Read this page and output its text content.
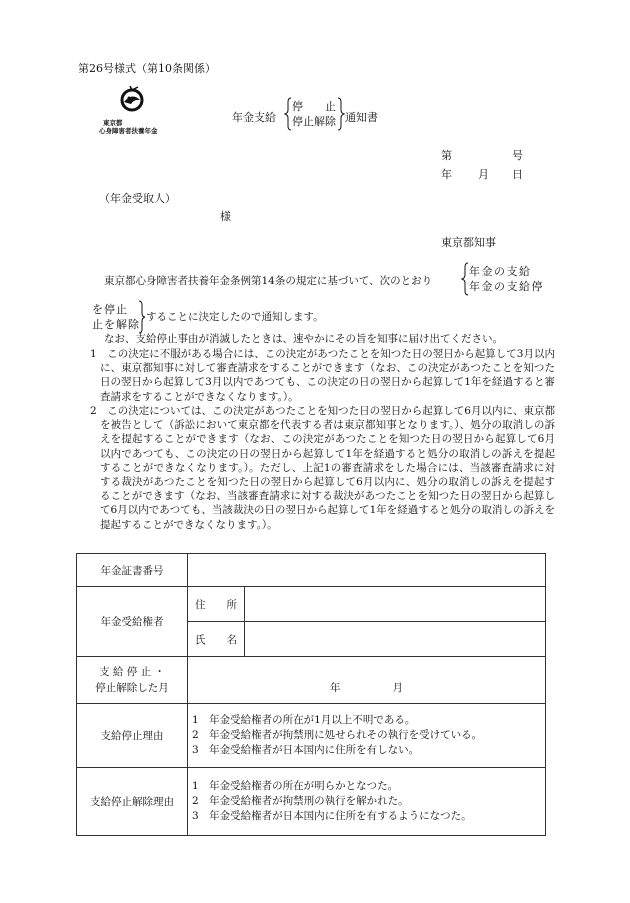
第26号様式（第10条関係）
東京都
心身障害者扶養年金
年金支給
停　　止
停止解除 通知書
第	号
年 月 日
（年金受取人）
様
東京都知事
東京都心身障害者扶養年金条例第14条の規定に基づいて、次のとおり
年金の支給
年金の支給停
を停止
止を解除
することに決定したので通知します。

なお、支給停止事由が消滅したときは、速やかにその旨を知事に届け出てください。

1　この決定に不服がある場合には、この決定があつたことを知つた日の翌日から起算して3月以内に、東京都知事に対して審査請求をすることができます（なお、この決定があつたことを知つた日の翌日から起算して3月以内であつても、この決定の日の翌日から起算して1年を経過すると審査請求をすることができなくなります。）。

2　この決定については、この決定があつたことを知つた日の翌日から起算して6月以内に、東京都を被告として（訴訟において東京都を代表する者は東京都知事となります。）、処分の取消しの訴えを提起することができます（なお、この決定があつたことを知つた日の翌日から起算して6月以内であつても、この決定の日の翌日から起算して1年を経過すると処分の取消しの訴えを提起することができなくなります。）。ただし、上記1の審査請求をした場合には、当該審査請求に対する裁決があつたことを知つた日の翌日から起算して6月以内に、処分の取消しの訴えを提起することができます（なお、当該審査請求に対する裁決があつたことを知つた日の翌日から起算して6月以内であつても、当該裁決の日の翌日から起算して1年を経過すると処分の取消しの訴えを提起することができなくなります。）。

年金証書番号		
年金受給権者	住　　所	
	氏　　名	

支 給 停 止 ・
停止解除した月	年 月	
支給停止理由	1　年金受給権者の所在が1月以上不明である。
2　年金受給権者が拘禁刑に処せられその執行を受けている。
3　年金受給権者が日本国内に住所を有しない。	

支給停止解除理由	1　年金受給権者の所在が明らかとなつた。
2　年金受給権者が拘禁刑の執行を解かれた。
3　年金受給権者が日本国内に住所を有するようになつた。	
